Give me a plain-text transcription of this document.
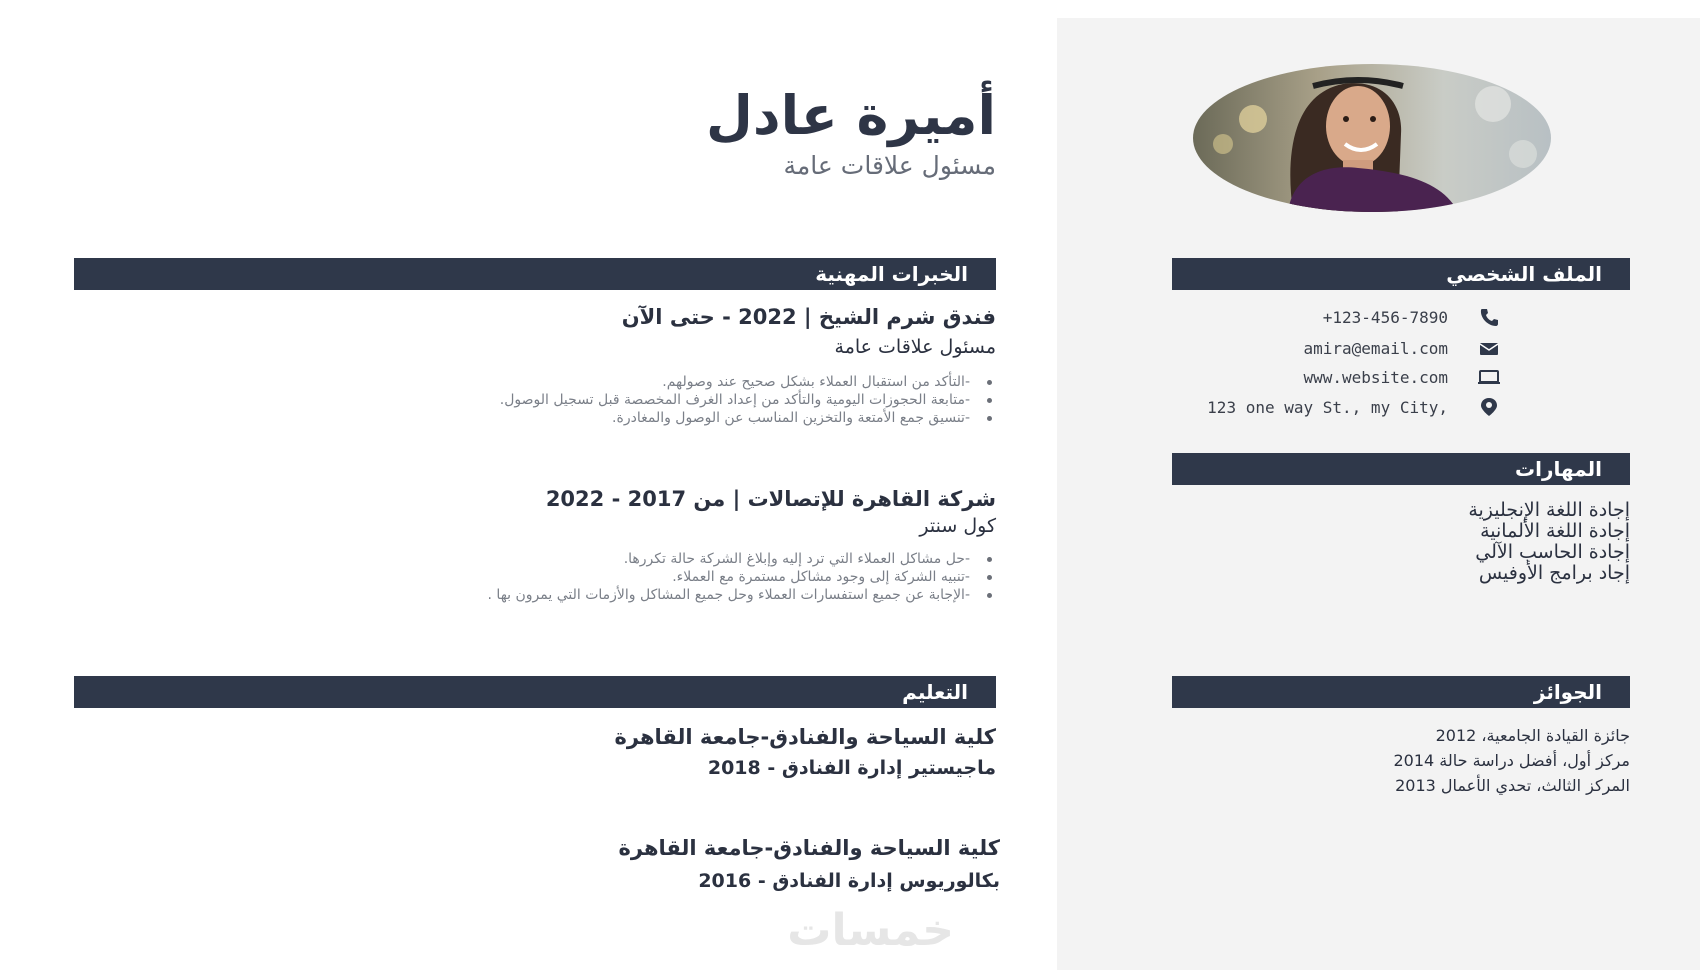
أميرة عادل
مسئول علاقات عامة
الخبرات المهنية
فندق شرم الشيخ | 2022 - حتى الآن
مسئول علاقات عامة
-التأكد من استقبال العملاء بشكل صحيح عند وصولهم.
-متابعة الحجوزات اليومية والتأكد من إعداد الغرف المخصصة قبل تسجيل الوصول.
-تنسيق جمع الأمتعة والتخزين المناسب عن الوصول والمغادرة.
شركة القاهرة للإتصالات | من 2017 - 2022
كول سنتر
-حل مشاكل العملاء التي ترد إليه وإبلاغ الشركة حالة تكررها.
-تنبيه الشركة إلى وجود مشاكل مستمرة مع العملاء.
-الإجابة عن جميع استفسارات العملاء وحل جميع المشاكل والأزمات التي يمرون بها .
التعليم
كلية السياحة والفنادق-جامعة القاهرة
ماجيستير إدارة الفنادق - 2018
كلية السياحة والفنادق-جامعة القاهرة
بكالوريوس إدارة الفنادق - 2016
الملف الشخصي
+123-456-7890
amira@email.com
www.website.com
123 one way St., my City,
المهارات
إجادة اللغة الإنجليزية
إجادة اللغة الألمانية
إجادة الحاسب الآلي
إجاد برامج الأوفيس
الجوائز
جائزة القيادة الجامعية، 2012
مركز أول، أفضل دراسة حالة 2014
المركز الثالث، تحدي الأعمال 2013
خمسات
